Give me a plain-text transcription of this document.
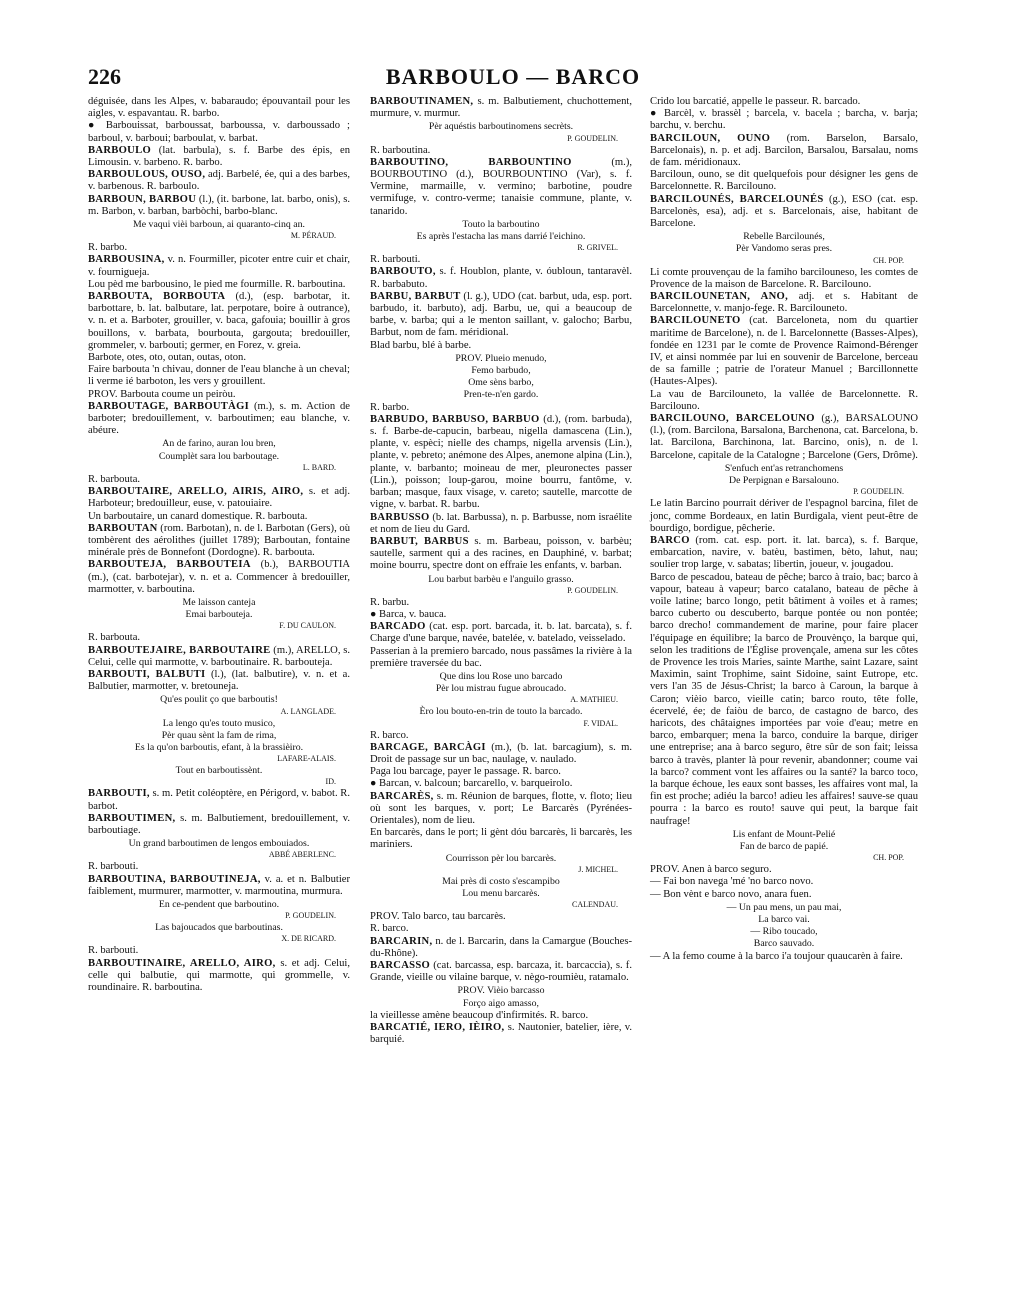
226	BARBOULO — BARCO
déguisée, dans les Alpes, v. babaraudo; épouvantail pour les aigles, v. espavantau. R. barbo.
● Barbouissat, barboussat, barboussa, v. darboussado ; barboul, v. barboui; barboulat, v. barbat.
BARBOULO (lat. barbula), s. f. Barbe des épis, en Limousin. v. barbeno. R. barbo.
BARBOULOUS, OUSO, adj. Barbelé, ée, qui a des barbes, v. barbenous. R. barboulo.
BARBOUN, BARBOU (l.), (it. barbone, lat. barbo, onis), s. m. Barbon, v. barban, barbòchi, barbo-blanc.
Me vaqui vièi barboun, ai quaranto-cinq an.
M. PÉRAUD.
R. barbo.
BARBOUSINA, v. n. Fourmiller, picoter entre cuir et chair, v. fournigueja.
Lou pèd me barbousino, le pied me fourmille. R. barboutina.
BARBOUTA, BORBOUTA (d.), (esp. barbotar, it. barbottare, b. lat. balbutare, lat. perpotare, boire à outrance), v. n. et a. Barboter, grouiller, v. baca, gafouia; bouillir à gros bouillons, v. barbata, bourbouta, gargouta; bredouiller, grommeler, v. barbouti; germer, en Forez, v. greia.
Barbote, otes, oto, outan, outas, oton.
Faire barbouta 'n chivau, donner de l'eau blanche à un cheval; li verme ié barboton, les vers y grouillent.
PROV. Barbouta coume un peiròu.
BARBOUTAGE, BARBOUTÀGI (m.), s. m. Action de barboter; bredouillement, v. barboutimen; eau blanche, v. abéure.
An de farino, auran lou bren,
Coumplèt sara lou barboutage.
L. BARD.
R. barbouta.
BARBOUTAIRE, ARELLO, AIRIS, AIRO, s. et adj. Harboteur; bredouilleur, euse, v. patouiaire.
Un barboutaire, un canard domestique. R. barbouta.
BARBOUTAN (rom. Barbotan), n. de l. Barbotan (Gers), où tombèrent des aérolithes (juillet 1789); Barboutan, fontaine minérale près de Bonnefont (Dordogne). R. barbouta.
BARBOUTEJA, BARBOUTEIA (b.), BARBOUTIA (m.), (cat. barbotejar), v. n. et a. Commencer à bredouiller, marmotter, v. barboutina.
Me laisson canteja
Emai barbouteja.
F. DU CAULON.
R. barbouta.
BARBOUTEJAIRE, BARBOUTAIRE (m.), ARELLO, s. Celui, celle qui marmotte, v. barboutinaire. R. barbouteja.
BARBOUTI, BALBUTI (l.), (lat. balbutire), v. n. et a. Balbutier, marmotter, v. bretouneja.
Qu'es poulit ço que barboutis!
A. LANGLADE.
La lengo qu'es touto musico,
Pèr quau sènt la fam de rima,
Es la qu'on barboutis, efant, à la brassièiro.
LAFARE-ALAIS.
Tout en barboutissènt.
ID.
BARBOUTI, s. m. Petit coléoptère, en Périgord, v. babot. R. barbot.
BARBOUTIMEN, s. m. Balbutiement, bredouillement, v. barboutiage.
Un grand barboutimen de lengos embouiados.
ABBÉ ABERLENC.
R. barbouti.
BARBOUTINA, BARBOUTINEJA, v. a. et n. Balbutier faiblement, murmurer, marmotter, v. marmoutina, murmura.
En ce-pendent que barboutino.
P. GOUDELIN.
Las bajoucados que barboutinas.
X. DE RICARD.
R. barbouti.
BARBOUTINAIRE, ARELLO, AIRO, s. et adj. Celui, celle qui balbutie, qui marmotte, qui grommelle, v. roundinaire. R. barboutina.
BARBOUTINAMEN, s. m. Balbutiement, chuchottement, murmure, v. murmur.
Pèr aquéstis barboutinomens secrèts.
P. GOUDELIN.
R. barboutina.
BARBOUTINO, BARBOUNTINO (m.), BOURBOUTINO (d.), BOURBOUNTINO (Var), s. f. Vermine, marmaille, v. vermino; barbotine, poudre vermifuge, v. contro-verme; tanaisie commune, plante, v. tanarido.
Touto la barboutino
Es après l'estacha las mans darrié l'eichino.
R. GRIVEL.
R. barbouti.
BARBOUTO, s. f. Houblon, plante, v. óubloun, tantaravèl. R. barbabuto.
BARBU, BARBUT (l. g.), UDO (cat. barbut, uda, esp. port. barbudo, it. barbuto), adj. Barbu, ue, qui a beaucoup de barbe, v. barba; qui a le menton saillant, v. galocho; Barbu, Barbut, nom de fam. méridional.
Blad barbu, blé à barbe.
PROV. Plueio menudo,
Femo barbudo,
Ome sèns barbo,
Pren-te-n'en gardo.
R. barbo.
BARBUDO, BARBUSO, BARBUO (d.), (rom. barbuda), s. f. Barbe-de-capucin, barbeau, nigella damascena (Lin.), plante, v. espèci; nielle des champs, nigella arvensis (Lin.), plante, v. pebreto; anémone des Alpes, anemone alpina (Lin.), plante, v. barbanto; moineau de mer, pleuronectes passer (Lin.), poisson; loup-garou, moine bourru, fantôme, v. barban; masque, faux visage, v. careto; sautelle, marcotte de vigne, v. barbat. R. barbu.
BARBUSSO (b. lat. Barbussa), n. p. Barbusse, nom israélite et nom de lieu du Gard.
BARBUT, BARBUS s. m. Barbeau, poisson, v. barbèu; sautelle, sarment qui a des racines, en Dauphiné, v. barbat; moine bourru, spectre dont on effraie les enfants, v. barban.
Lou barbut barbèu e l'anguilo grasso.
P. GOUDELIN.
R. barbu.
● Barca, v. bauca.
BARCADO (cat. esp. port. barcada, it. b. lat. barcata), s. f. Charge d'une barque, navée, batelée, v. batelado, veisselado.
Passerian à la premiero barcado, nous passâmes la rivière à la première traversée du bac.
Que dins lou Rose uno barcado
Pèr lou mistrau fugue abroucado.
A. MATHIEU.
Èro lou bouto-en-trin de touto la barcado.
F. VIDAL.
R. barco.
BARCAGE, BARCÀGI (m.), (b. lat. barcagium), s. m. Droit de passage sur un bac, naulage, v. naulado.
Paga lou barcage, payer le passage. R. barco.
● Barcan, v. balcoun; barcarello, v. barqueirolo.
BARCARÈS, s. m. Réunion de barques, flotte, v. floto; lieu où sont les barques, v. port; Le Barcarès (Pyrénées-Orientales), nom de lieu.
En barcarès, dans le port; li gènt dóu barcarès, li barcarès, les mariniers.
Courrisson pèr lou barcarès.
J. MICHEL.
Mai près di costo s'escampibo
Lou menu barcarès.
CALENDAU.
PROV. Talo barco, tau barcarès.
R. barco.
BARCARIN, n. de l. Barcarin, dans la Camargue (Bouches-du-Rhône).
BARCASSO (cat. barcassa, esp. barcaza, it. barcaccia), s. f. Grande, vieille ou vilaine barque, v. nègo-roumièu, ratamalo.
PROV. Vièio barcasso
Forço aigo amasso,
la vieillesse amène beaucoup d'infirmités. R. barco.
BARCATIÉ, IERO, IÈIRO, s. Nautonier, batelier, ière, v. barquié.
Crido lou barcatié, appelle le passeur. R. barcado.
● Barcèl, v. brassèl ; barcela, v. bacela ; barcha, v. barja; barchu, v. berchu.
BARCILOUN, OUNO (rom. Barselon, Barsalo, Barcelonais), n. p. et adj. Barcilon, Barsalou, Barsalau, noms de fam. méridionaux.
Barciloun, ouno, se dit quelquefois pour désigner les gens de Barcelonnette. R. Barcilouno.
BARCILOUNÉS, BARCELOUNÉS (g.), ESO (cat. esp. Barcelonès, esa), adj. et s. Barcelonais, aise, habitant de Barcelone.
Rebelle Barcilounés,
Pèr Vandomo seras pres.
CH. POP.
Li comte prouvençau de la famiho barcilouneso, les comtes de Provence de la maison de Barcelone. R. Barcilouno.
BARCILOUNETAN, ANO, adj. et s. Habitant de Barcelonnette, v. manjo-fege. R. Barcilouneto.
BARCILOUNETO (cat. Barceloneta, nom du quartier maritime de Barcelone), n. de l. Barcelonnette (Basses-Alpes), fondée en 1231 par le comte de Provence Raimond-Bérenger IV, et ainsi nommée par lui en souvenir de Barcelone, berceau de sa famille ; patrie de l'orateur Manuel ; Barcillonnette (Hautes-Alpes).
La vau de Barcilouneto, la vallée de Barcelonnette. R. Barcilouno.
BARCILOUNO, BARCELOUNO (g.), BARSALOUNO (l.), (rom. Barcilona, Barsalona, Barchenona, cat. Barcelona, b. lat. Barcilona, Barchinona, lat. Barcino, onis), n. de l. Barcelone, capitale de la Catalogne ; Barcelone (Gers, Drôme).
S'enfuch ent'as retranchomens
De Perpignan e Barsalouno.
P. GOUDELIN.
Le latin Barcino pourrait dériver de l'espagnol barcina, filet de jonc, comme Bordeaux, en latin Burdigala, vient peut-être de bourdigo, bordigue, pêcherie.
BARCO (rom. cat. esp. port. it. lat. barca), s. f. Barque, embarcation, navire, v. batèu, bastimen, bèto, lahut, nau; soulier trop large, v. sabatas; libertin, joueur, v. jougadou.
Barco de pescadou, bateau de pêche; barco à traio, bac; barco à vapour, bateau à vapeur; barco catalano, bateau de pêche à voile latine; barco longo, petit bâtiment à voiles et à rames; barco cuberto ou descuberto, barque pontée ou non pontée; barco drecho! commandement de marine, pour faire placer l'équipage en équilibre; la barco de Prouvènço, la barque qui, selon les traditions de l'Église provençale, amena sur les côtes de Provence les trois Maries, sainte Marthe, saint Lazare, saint Maximin, saint Trophime, saint Sidoine, saint Eutrope, etc. vers l'an 35 de Jésus-Christ; la barco à Caroun, la barque à Caron; vièio barco, vieille catin; barco routo, tête folle, écervelé, ée; de faiòu de barco, de castagno de barco, des haricots, des châtaignes importées par voie d'eau; metre en barco, embarquer; mena la barco, conduire la barque, diriger une entreprise; ana à barco seguro, être sûr de son fait; leissa barco à travès, planter là pour revenir, abandonner; coume vai la barco? comment vont les affaires ou la santé? la barco toco, la barque échoue, les eaux sont basses, les affaires vont mal, la fin est proche; adiéu la barco! adieu les affaires! sauve-se quau pourra : la barco es routo! sauve qui peut, la barque fait naufrage!
Lis enfant de Mount-Pelié
Fan de barco de papié.
CH. POP.
PROV. Anen à barco seguro.
— Fai bon navega 'mé 'no barco novo.
— Bon vènt e barco novo, anara fuen.
— Un pau mens, un pau mai,
La barco vai.
— Ribo toucado,
Barco sauvado.
— A la femo coume à la barco i'a toujour quaucarèn à faire.
